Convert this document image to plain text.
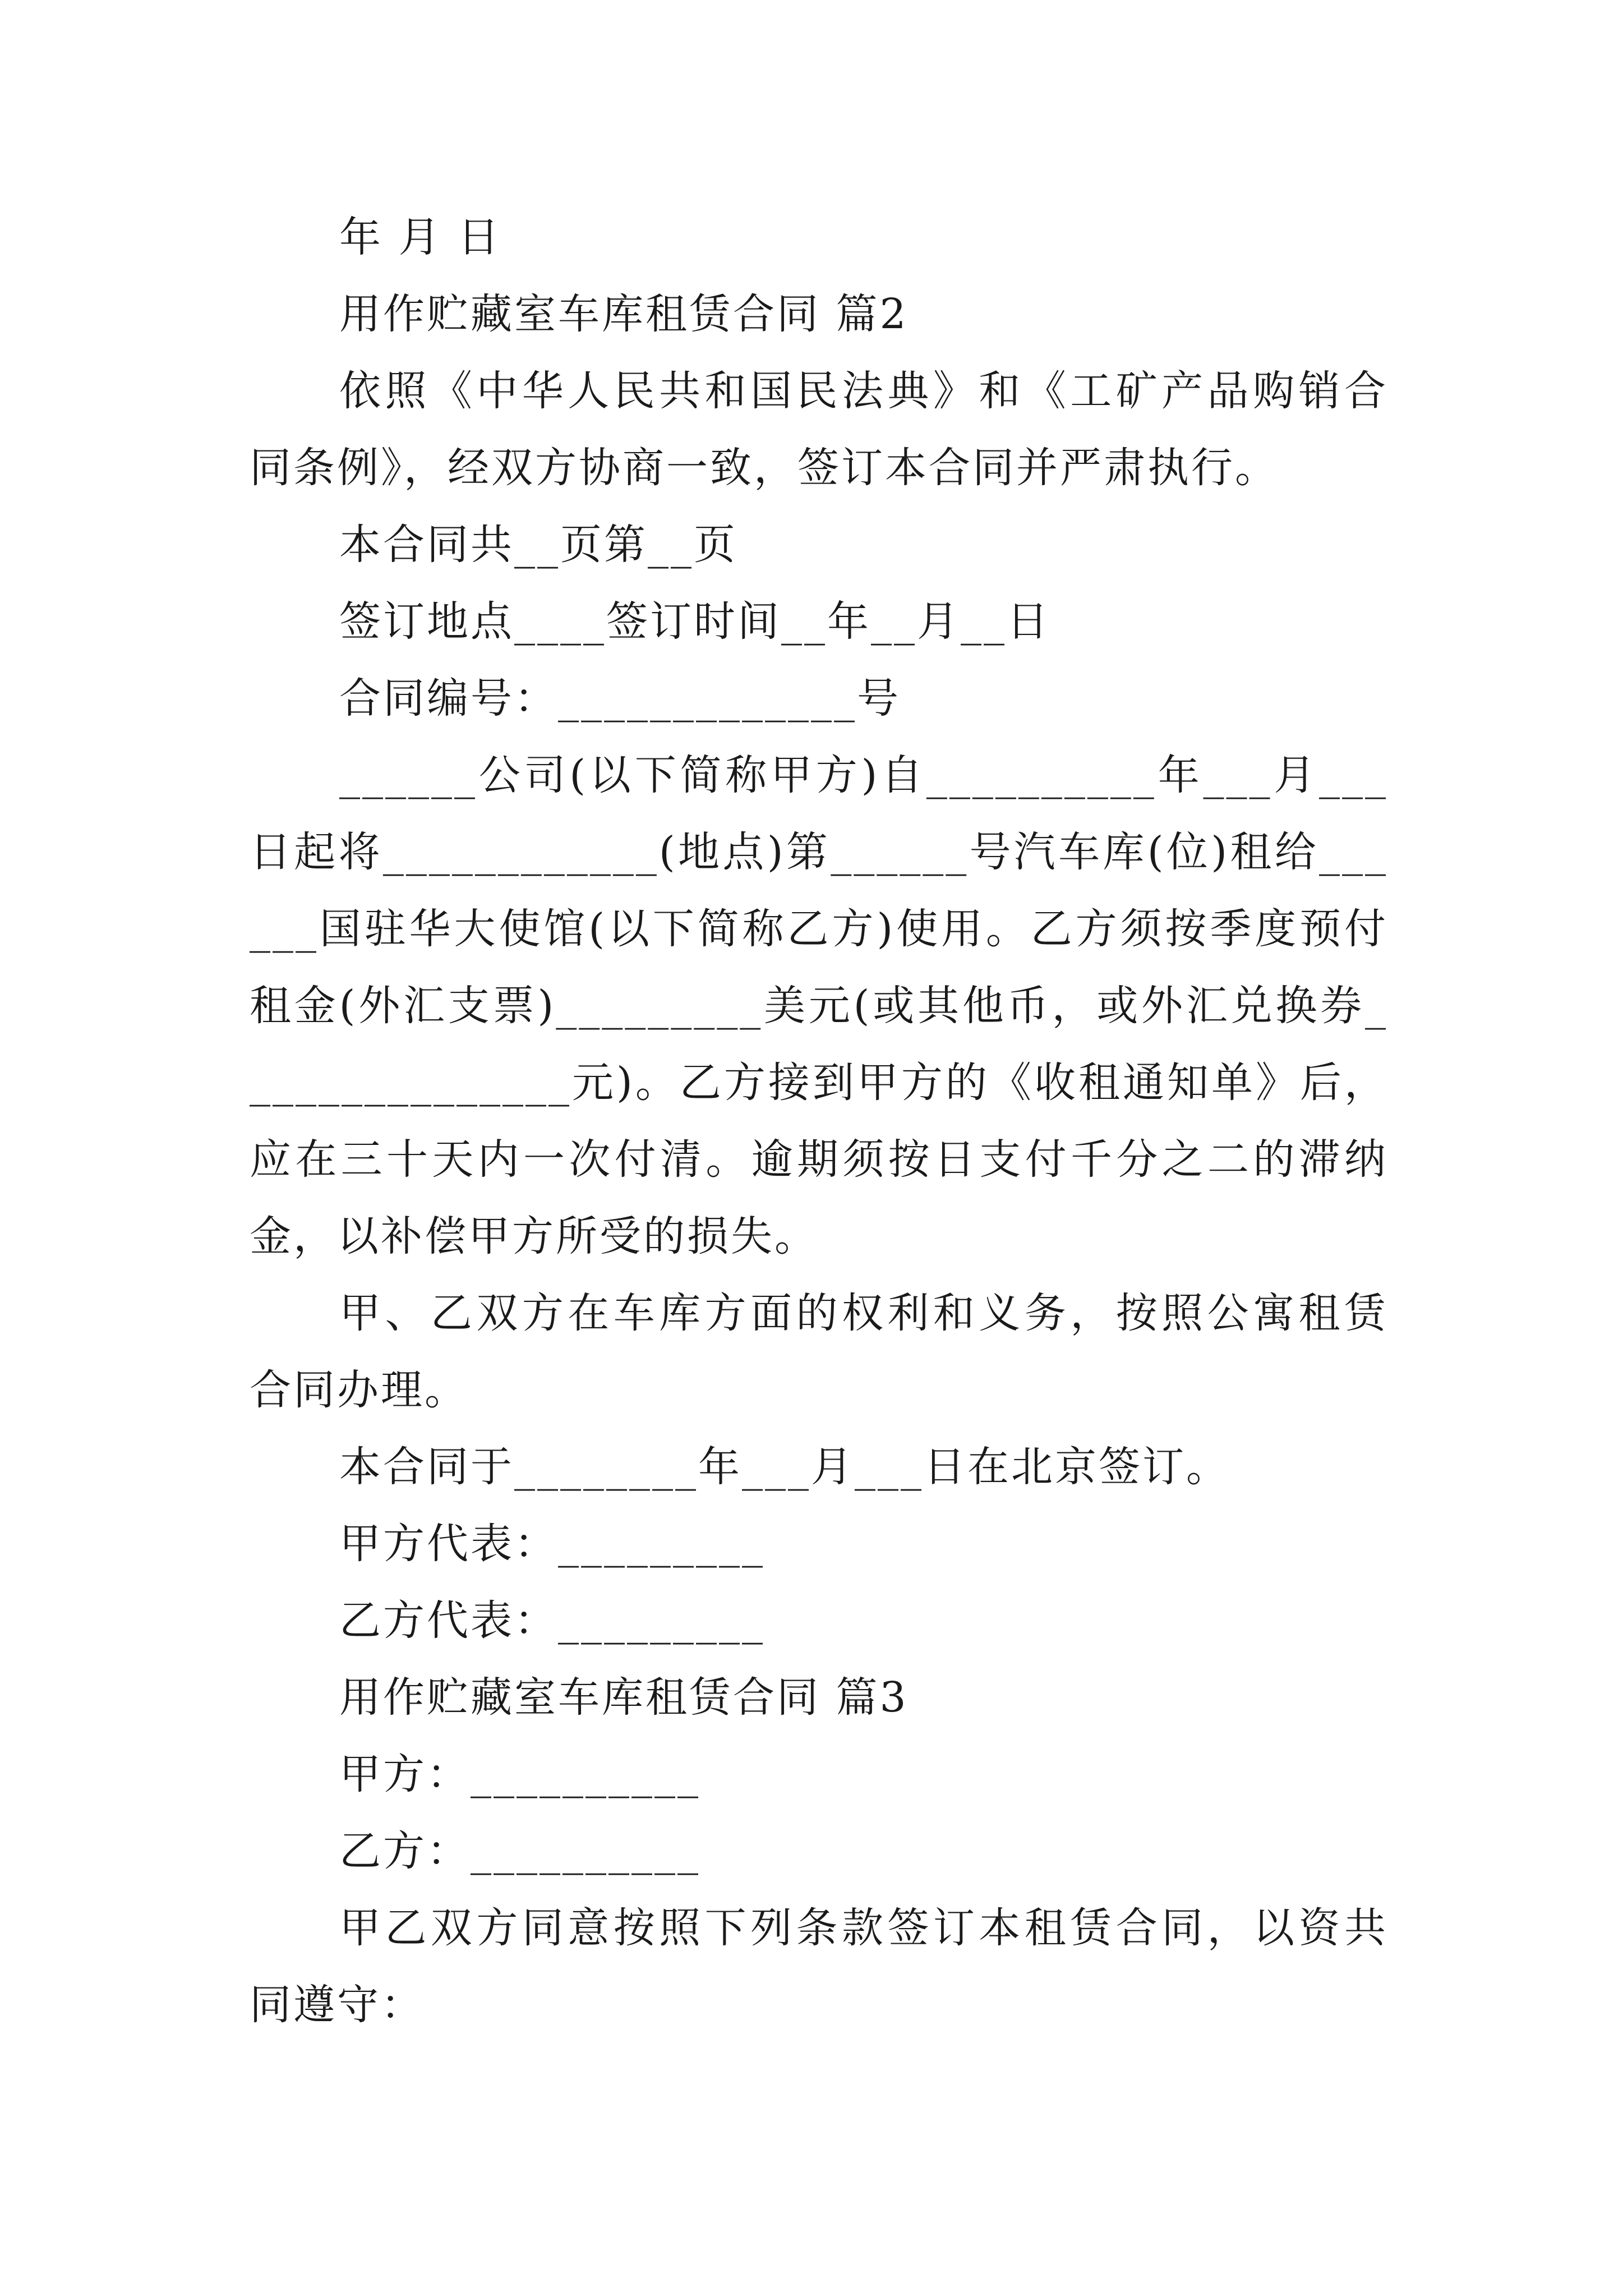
年 月 日

用作贮藏室车库租赁合同 篇2

依照《中华人民共和国民法典》和《工矿产品购销合同条例》，经双方协商一致，签订本合同并严肃执行。

本合同共__页第__页

签订地点____签订时间__年__月__日

合同编号：_____________号

______公司(以下简称甲方)自__________年___月___日起将____________(地点)第______号汽车库(位)租给______国驻华大使馆(以下简称乙方)使用。乙方须按季度预付租金(外汇支票)_________美元(或其他币，或外汇兑换券_______________元)。乙方接到甲方的《收租通知单》后，应在三十天内一次付清。逾期须按日支付千分之二的滞纳金，以补偿甲方所受的损失。

甲、乙双方在车库方面的权利和义务，按照公寓租赁合同办理。

本合同于________年___月___日在北京签订。

甲方代表：_________

乙方代表：_________

用作贮藏室车库租赁合同 篇3

甲方：__________

乙方：__________

甲乙双方同意按照下列条款签订本租赁合同，以资共同遵守：
